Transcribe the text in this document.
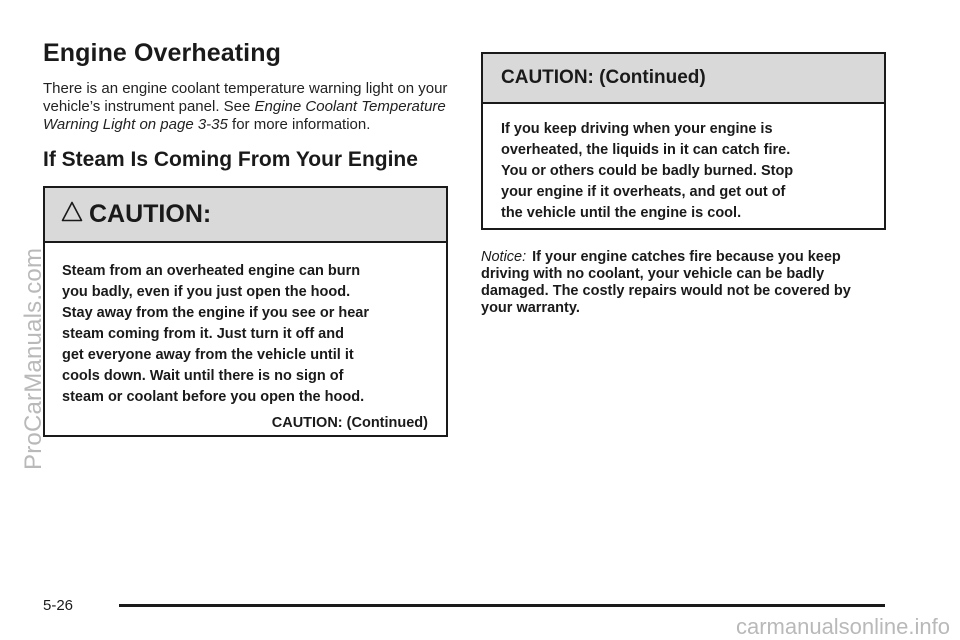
ProCarManuals.com
carmanualsonline.info
Engine Overheating

There is an engine coolant temperature warning light on your vehicle’s instrument panel. See Engine Coolant Temperature Warning Light on page 3-35 for more information.

If Steam Is Coming From Your Engine
CAUTION:

Steam from an overheated engine can burn

you badly, even if you just open the hood.

Stay away from the engine if you see or hear

steam coming from it. Just turn it off and

get everyone away from the vehicle until it

cools down. Wait until there is no sign of

steam or coolant before you open the hood.

CAUTION: (Continued)
CAUTION: (Continued)

If you keep driving when your engine is

overheated, the liquids in it can catch fire.

You or others could be badly burned. Stop

your engine if it overheats, and get out of

the vehicle until the engine is cool.

Notice: If your engine catches fire because you keep driving with no coolant, your vehicle can be badly damaged. The costly repairs would not be covered by your warranty.
5-26
